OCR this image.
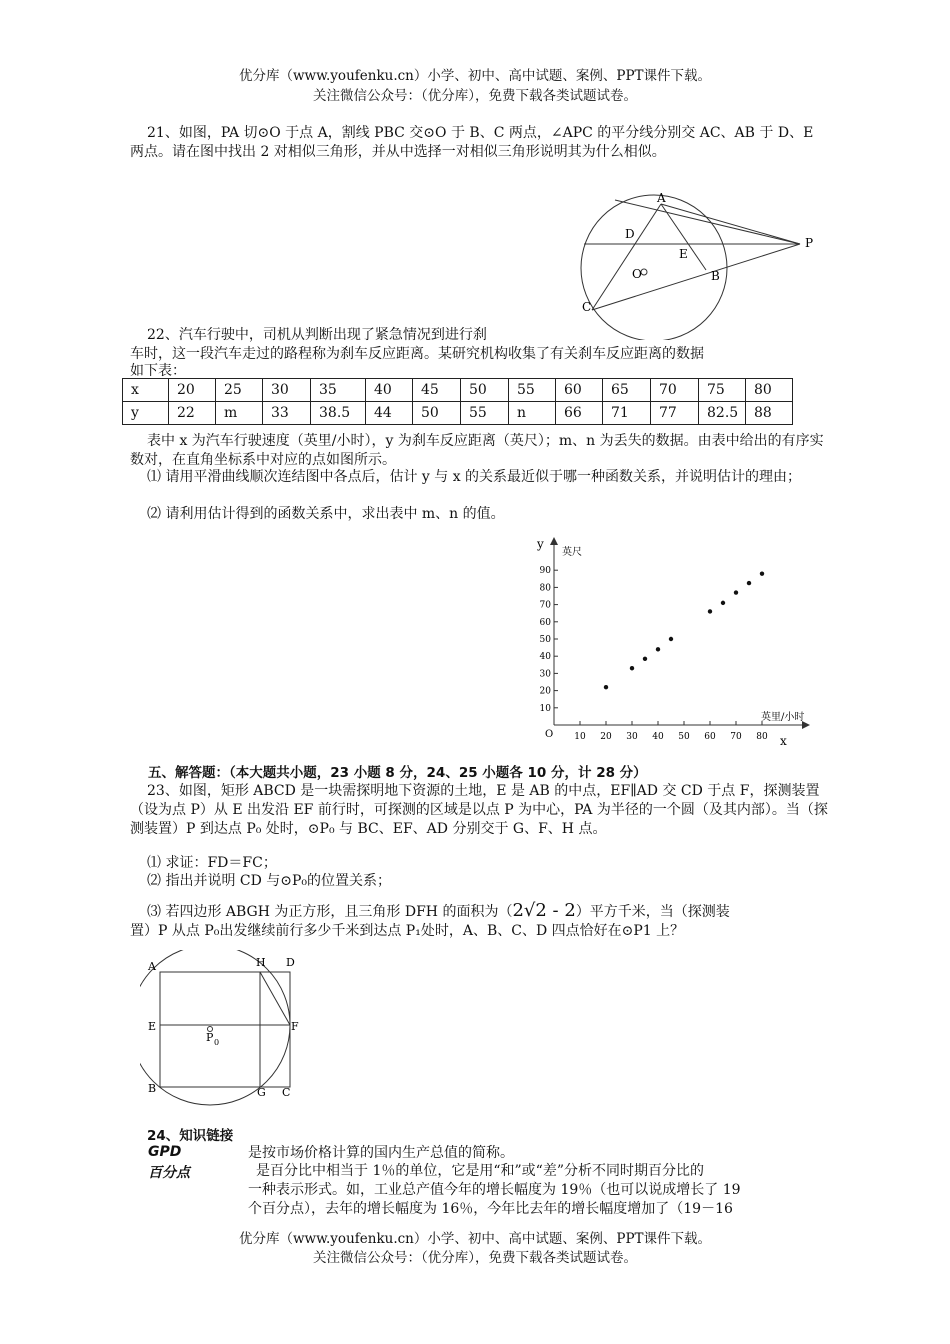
优分库（www.youfenku.cn）小学、初中、高中试题、案例、PPT课件下载。
关注微信公众号：（优分库），免费下载各类试题试卷。

21、如图，PA 切⊙O 于点 A，割线 PBC 交⊙O 于 B、C 两点，∠APC 的平分线分别交 AC、AB 于 D、E 两点。请在图中找出 2 对相似三角形，并从中选择一对相似三角形说明其为什么相似。

A
D
E
P
O	B
C

22、汽车行驶中，司机从判断出现了紧急情况到进行刹

车时，这一段汽车走过的路程称为刹车反应距离。某研究机构收集了有关刹车反应距离的数据

如下表：

x	20	25	30	35	40	45	50	55	60	65	70	75	80
y	22	m	33	38.5	44	50	55	n	66	71	77	82.5	88

表中 x 为汽车行驶速度（英里/小时），y 为刹车反应距离（英尺）；m、n 为丢失的数据。由表中给出的有序实数对，在直角坐标系中对应的点如图所示。

⑴ 请用平滑曲线顺次连结图中各点后，估计 y 与 x 的关系最近似于哪一种函数关系，并说明估计的理由；

⑵ 请利用估计得到的函数关系中，求出表中 m、n 的值。

10 20 30 40 50 60 70 80
10
20
30
40
50
60
70
80
90
y
英尺
英里/小时
x
O

五、解答题：（本大题共小题，23 小题 8 分，24、25 小题各 10 分，计 28 分）

23、如图，矩形 ABCD 是一块需探明地下资源的土地，E 是 AB 的中点，EF∥AD 交 CD 于点 F，探测装置（设为点 P）从 E 出发沿 EF 前行时，可探测的区域是以点 P 为中心，PA 为半径的一个圆（及其内部）。当（探测装置）P 到达点 P₀ 处时，⊙P₀ 与 BC、EF、AD 分别交于 G、F、H 点。

⑴ 求证：FD＝FC；

⑵ 指出并说明 CD 与⊙P₀的位置关系；

⑶ 若四边形 ABGH 为正方形，且三角形 DFH 的面积为（2√2 - 2）平方千米，当（探测装

置）P 从点 P₀出发继续前行多少千米到达点 P₁处时，A、B、C、D 四点恰好在⊙P1 上？

A	H D
E	F
P 0
B	G C

24、知识链接

GPD	是按市场价格计算的国内生产总值的简称。
百分点	是百分比中相当于 1％的单位，它是用“和”或“差”分析不同时期百分比的
一种表示形式。如，工业总产值今年的增长幅度为 19％（也可以说成增长了 19
个百分点），去年的增长幅度为 16％，今年比去年的增长幅度增加了（19－16
优分库（www.youfenku.cn）小学、初中、高中试题、案例、PPT课件下载。
关注微信公众号：（优分库），免费下载各类试题试卷。
